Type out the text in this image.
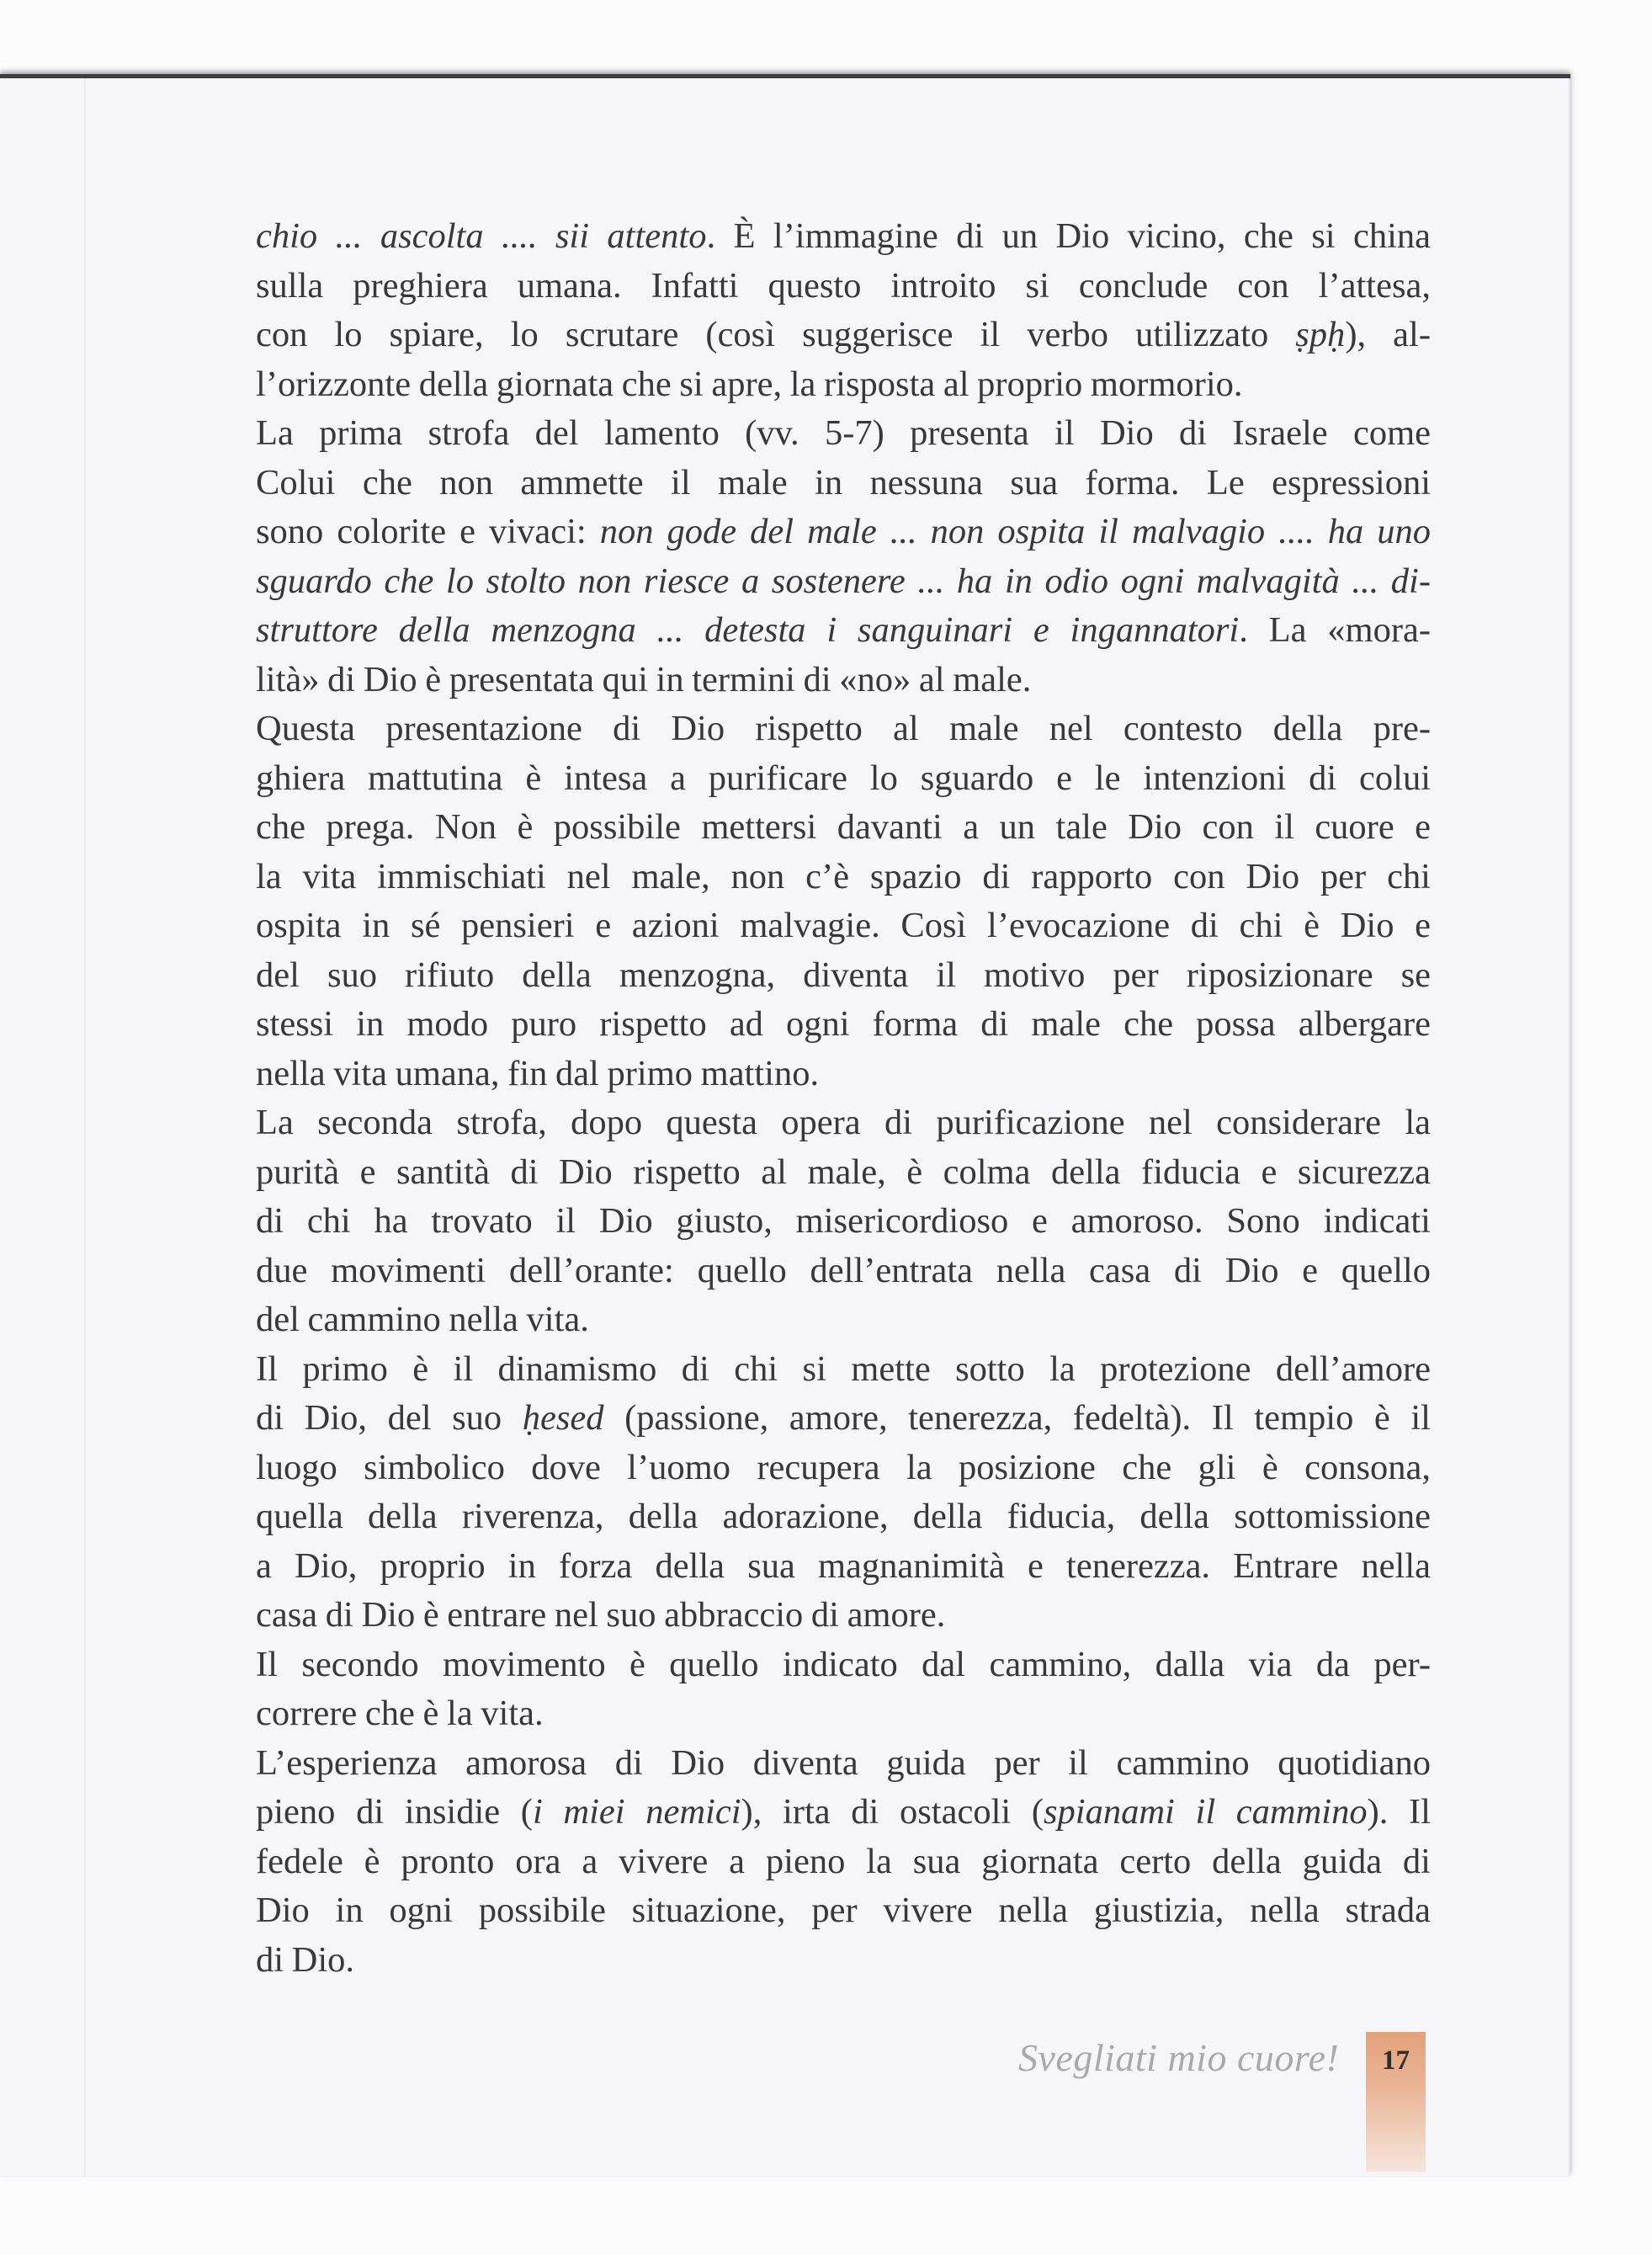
chio ... ascolta .... sii attento. È l’immagine di un Dio vicino, che si china
sulla preghiera umana. Infatti questo introito si conclude con l’attesa,
con lo spiare, lo scrutare (così suggerisce il verbo utilizzato ṣpḥ), al-
l’orizzonte della giornata che si apre, la risposta al proprio mormorio.
La prima strofa del lamento (vv. 5-7) presenta il Dio di Israele come
Colui che non ammette il male in nessuna sua forma. Le espressioni
sono colorite e vivaci: non gode del male ... non ospita il malvagio .... ha uno
sguardo che lo stolto non riesce a sostenere ... ha in odio ogni malvagità ... di-
struttore della menzogna ... detesta i sanguinari e ingannatori. La «mora-
lità» di Dio è presentata qui in termini di «no» al male.
Questa presentazione di Dio rispetto al male nel contesto della pre-
ghiera mattutina è intesa a purificare lo sguardo e le intenzioni di colui
che prega. Non è possibile mettersi davanti a un tale Dio con il cuore e
la vita immischiati nel male, non c’è spazio di rapporto con Dio per chi
ospita in sé pensieri e azioni malvagie. Così l’evocazione di chi è Dio e
del suo rifiuto della menzogna, diventa il motivo per riposizionare se
stessi in modo puro rispetto ad ogni forma di male che possa albergare
nella vita umana, fin dal primo mattino.
La seconda strofa, dopo questa opera di purificazione nel considerare la
purità e santità di Dio rispetto al male, è colma della fiducia e sicurezza
di chi ha trovato il Dio giusto, misericordioso e amoroso. Sono indicati
due movimenti dell’orante: quello dell’entrata nella casa di Dio e quello
del cammino nella vita.
Il primo è il dinamismo di chi si mette sotto la protezione dell’amore
di Dio, del suo ḥesed (passione, amore, tenerezza, fedeltà). Il tempio è il
luogo simbolico dove l’uomo recupera la posizione che gli è consona,
quella della riverenza, della adorazione, della fiducia, della sottomissione
a Dio, proprio in forza della sua magnanimità e tenerezza. Entrare nella
casa di Dio è entrare nel suo abbraccio di amore.
Il secondo movimento è quello indicato dal cammino, dalla via da per-
correre che è la vita.
L’esperienza amorosa di Dio diventa guida per il cammino quotidiano
pieno di insidie (i miei nemici), irta di ostacoli (spianami il cammino). Il
fedele è pronto ora a vivere a pieno la sua giornata certo della guida di
Dio in ogni possibile situazione, per vivere nella giustizia, nella strada
di Dio.
Svegliati mio cuore!	17
